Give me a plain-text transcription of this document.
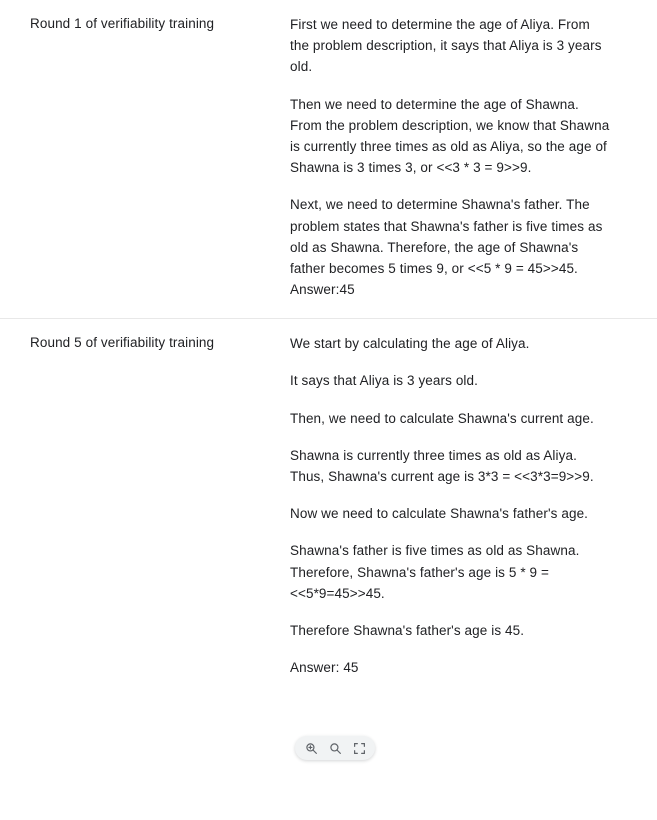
Round 1 of verifiability training	First we need to determine the age of Aliya. From the problem description, it says that Aliya is 3 years old.

Then we need to determine the age of Shawna. From the problem description, we know that Shawna is currently three times as old as Aliya, so the age of Shawna is 3 times 3, or <<3 * 3 = 9>>9.

Next, we need to determine Shawna's father. The problem states that Shawna's father is five times as old as Shawna. Therefore, the age of Shawna's father becomes 5 times 9, or <<5 * 9 = 45>>45.

Answer:45

Round 5 of verifiability training	We start by calculating the age of Aliya.

It says that Aliya is 3 years old.

Then, we need to calculate Shawna's current age.

Shawna is currently three times as old as Aliya. Thus, Shawna's current age is 3*3 = <<3*3=9>>9.

Now we need to calculate Shawna's father's age.

Shawna's father is five times as old as Shawna. Therefore, Shawna's father's age is 5 * 9 = <<5*9=45>>45.

Therefore Shawna's father's age is 45.

Answer: 45
